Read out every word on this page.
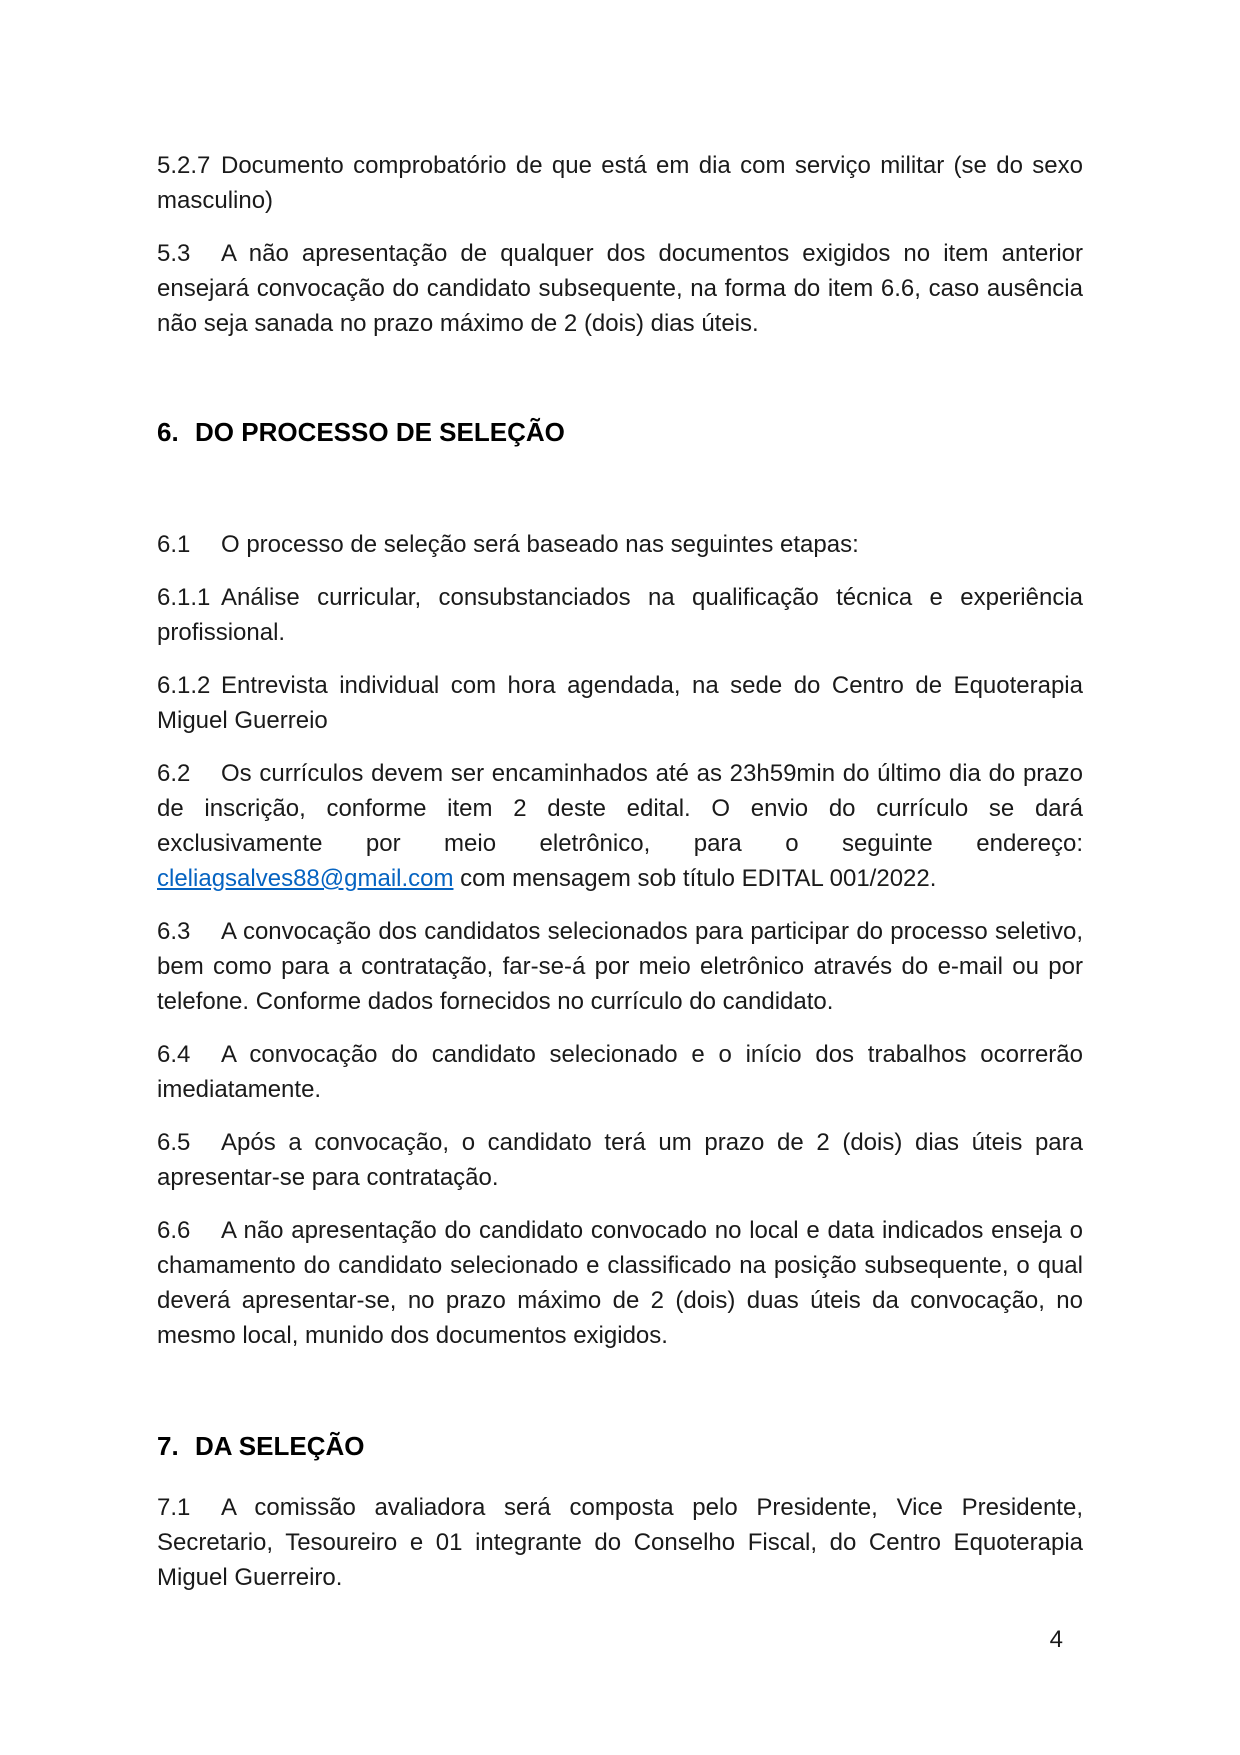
5.2.7 Documento comprobatório de que está em dia com serviço militar (se do sexo masculino)

5.3 A não apresentação de qualquer dos documentos exigidos no item anterior ensejará convocação do candidato subsequente, na forma do item 6.6, caso ausência não seja sanada no prazo máximo de 2 (dois) dias úteis.

6. DO PROCESSO DE SELEÇÃO

6.1 O processo de seleção será baseado nas seguintes etapas:

6.1.1 Análise curricular, consubstanciados na qualificação técnica e experiência profissional.

6.1.2 Entrevista individual com hora agendada, na sede do Centro de Equoterapia Miguel Guerreio

6.2 Os currículos devem ser encaminhados até as 23h59min do último dia do prazo de inscrição, conforme item 2 deste edital. O envio do currículo se dará exclusivamente por meio eletrônico, para o seguinte endereço: cleliagsalves88@gmail.com com mensagem sob título EDITAL 001/2022.

6.3 A convocação dos candidatos selecionados para participar do processo seletivo, bem como para a contratação, far-se-á por meio eletrônico através do e-mail ou por telefone. Conforme dados fornecidos no currículo do candidato.

6.4 A convocação do candidato selecionado e o início dos trabalhos ocorrerão imediatamente.

6.5 Após a convocação, o candidato terá um prazo de 2 (dois) dias úteis para apresentar-se para contratação.

6.6 A não apresentação do candidato convocado no local e data indicados enseja o chamamento do candidato selecionado e classificado na posição subsequente, o qual deverá apresentar-se, no prazo máximo de 2 (dois) duas úteis da convocação, no mesmo local, munido dos documentos exigidos.

7. DA SELEÇÃO

7.1 A comissão avaliadora será composta pelo Presidente, Vice Presidente, Secretario, Tesoureiro e 01 integrante do Conselho Fiscal, do Centro Equoterapia Miguel Guerreiro.

4
